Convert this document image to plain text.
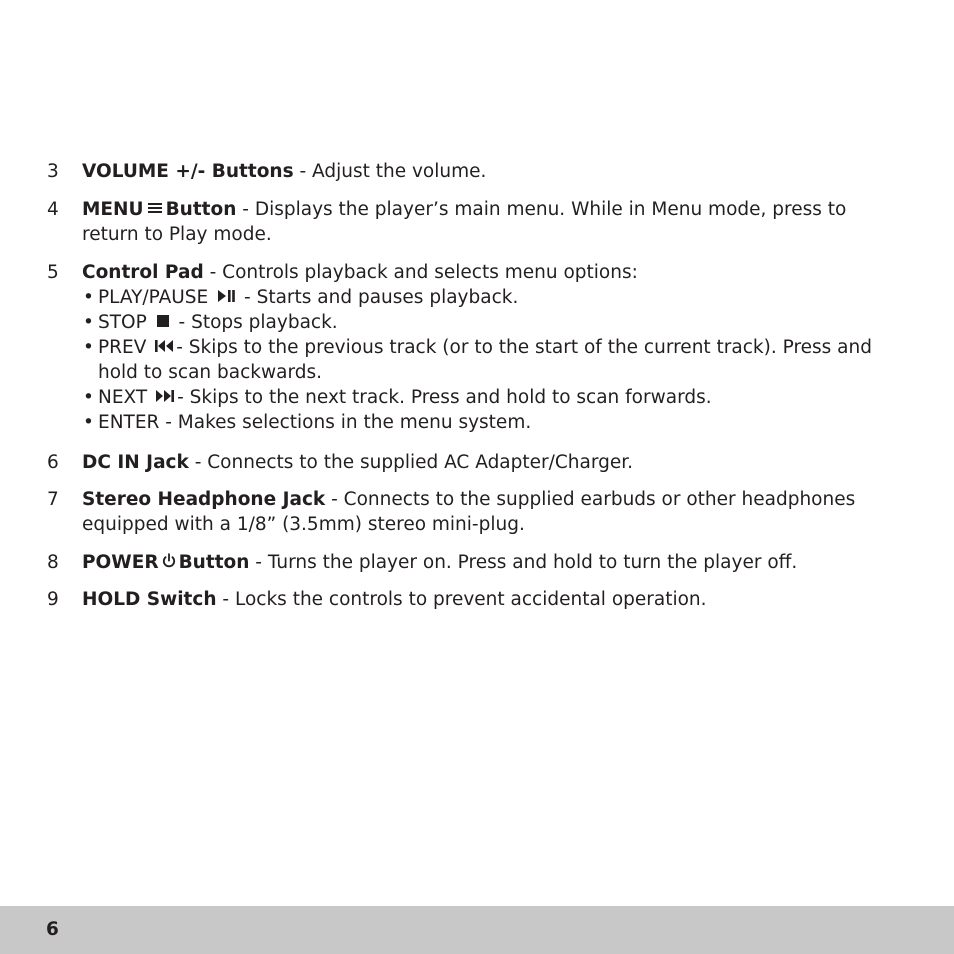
3	VOLUME +/- Buttons - Adjust the volume.
4	MENU Button - Displays the player’s main menu. While in Menu mode, press to return to Play mode.
5	Control Pad - Controls playback and selects menu options:
• PLAY/PAUSE
- Starts and pauses playback.
• STOP
- Stops playback.
• PREV - Skips to the previous track (or to the start of the current track). Press and hold to scan backwards.
• NEXT - Skips to the next track. Press and hold to scan forwards.
• ENTER - Makes selections in the menu system.
6	DC IN Jack - Connects to the supplied AC Adapter/Charger.
7	Stereo Headphone Jack - Connects to the supplied earbuds or other headphones equipped with a 1/8” (3.5mm) stereo mini-plug.
8	POWER Button - Turns the player on. Press and hold to turn the player off.
9	HOLD Switch - Locks the controls to prevent accidental operation.
6
